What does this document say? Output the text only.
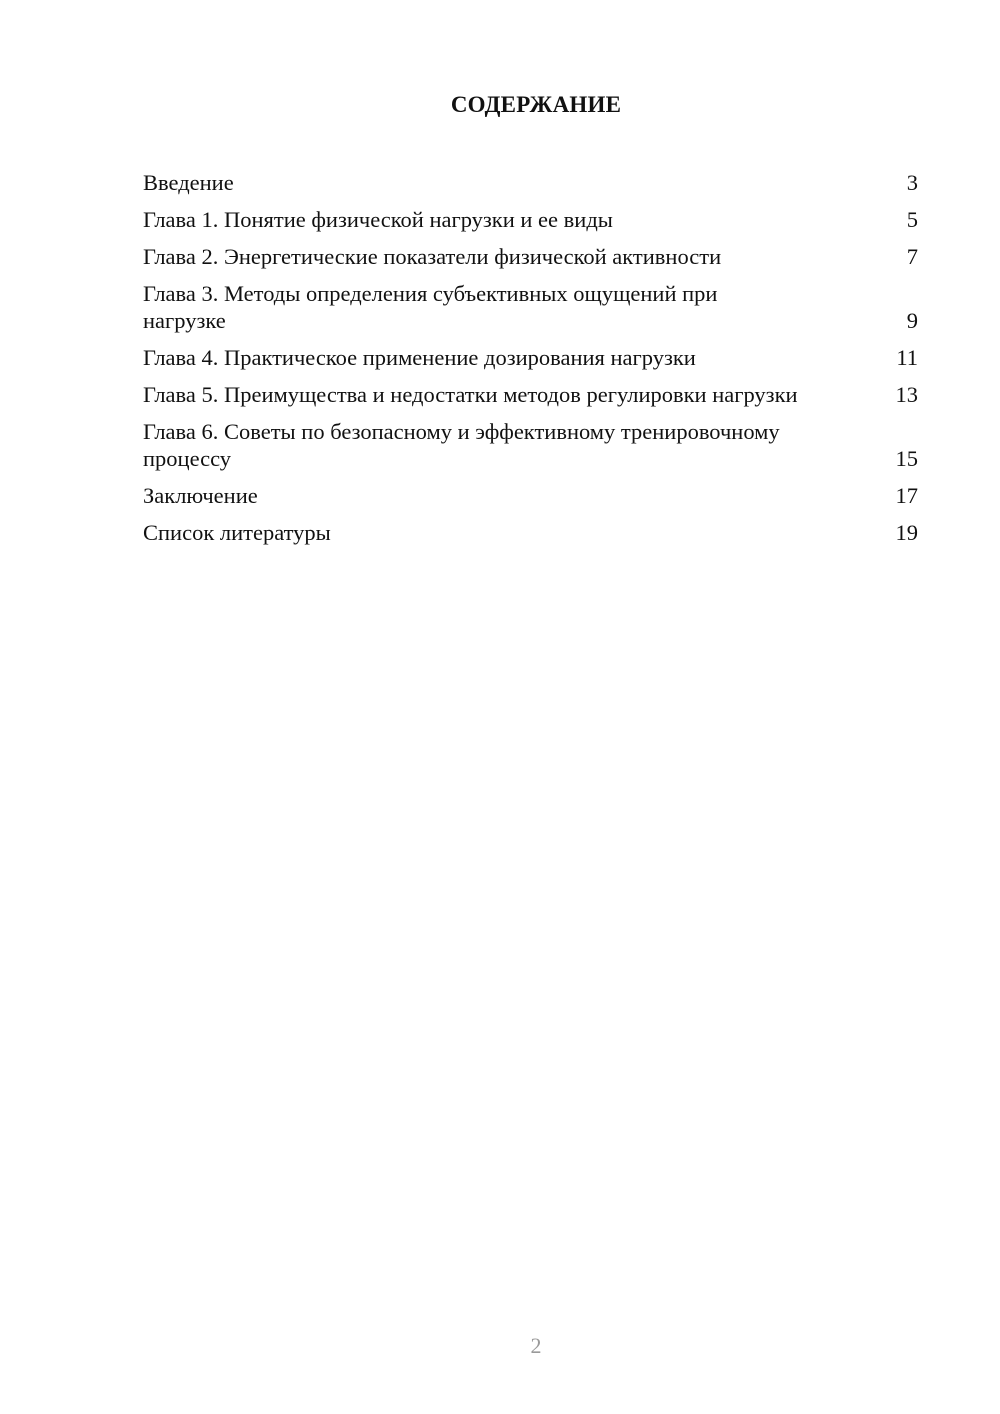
СОДЕРЖАНИЕ
Введение	3
Глава 1. Понятие физической нагрузки и ее виды	5
Глава 2. Энергетические показатели физической активности	7
Глава 3. Методы определения субъективных ощущений при нагрузке	9
Глава 4. Практическое применение дозирования нагрузки	11
Глава 5. Преимущества и недостатки методов регулировки нагрузки	13
Глава 6. Советы по безопасному и эффективному тренировочному процессу	15
Заключение	17
Список литературы	19
2
